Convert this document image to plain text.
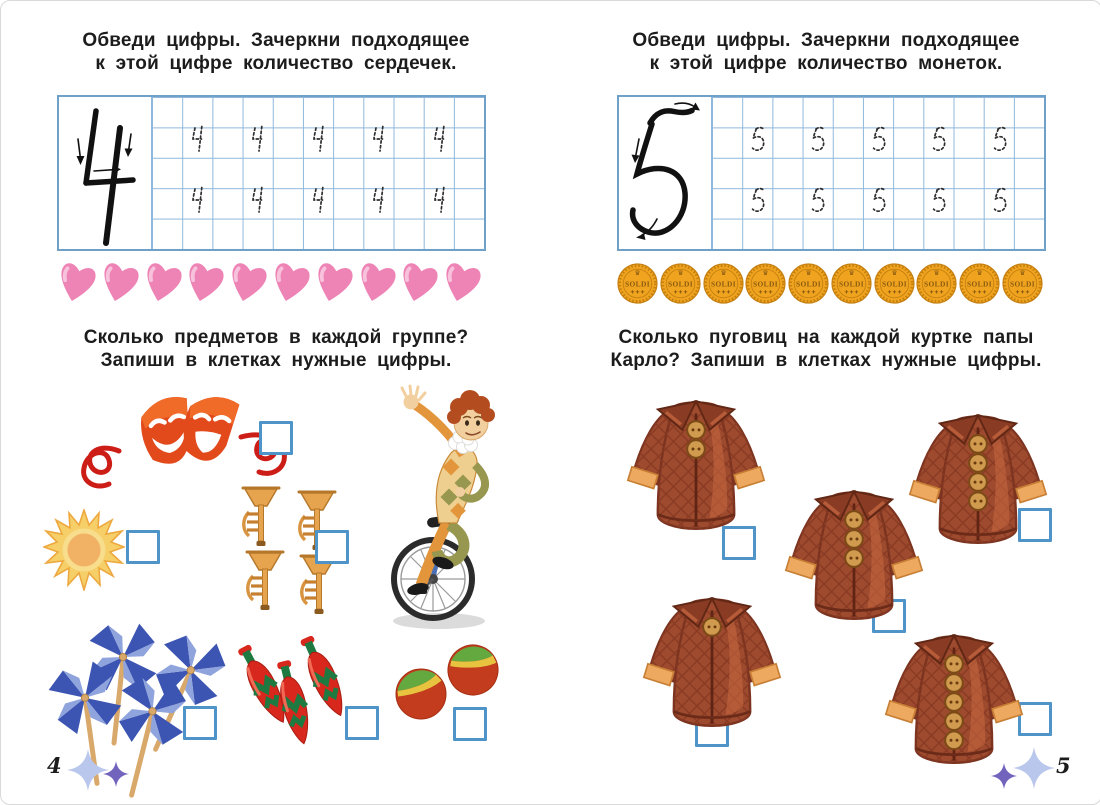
Обведи цифры. Зачеркни подходящее
к этой цифре количество сердечек.
Сколько предметов в каждой группе?
Запиши в клетках нужные цифры.
4
Обведи цифры. Зачеркни подходящее
к этой цифре количество монеток.
♛
SOLDI
✚ ✚ ✚
♛
SOLDI
✚ ✚ ✚
♛
SOLDI
✚ ✚ ✚
♛
SOLDI
✚ ✚ ✚
♛
SOLDI
✚ ✚ ✚
♛
SOLDI
✚ ✚ ✚
♛
SOLDI
✚ ✚ ✚
♛
SOLDI
✚ ✚ ✚
♛
SOLDI
✚ ✚ ✚
♛
SOLDI
✚ ✚ ✚
Сколько пуговиц на каждой куртке папы
Карло? Запиши в клетках нужные цифры.
5
